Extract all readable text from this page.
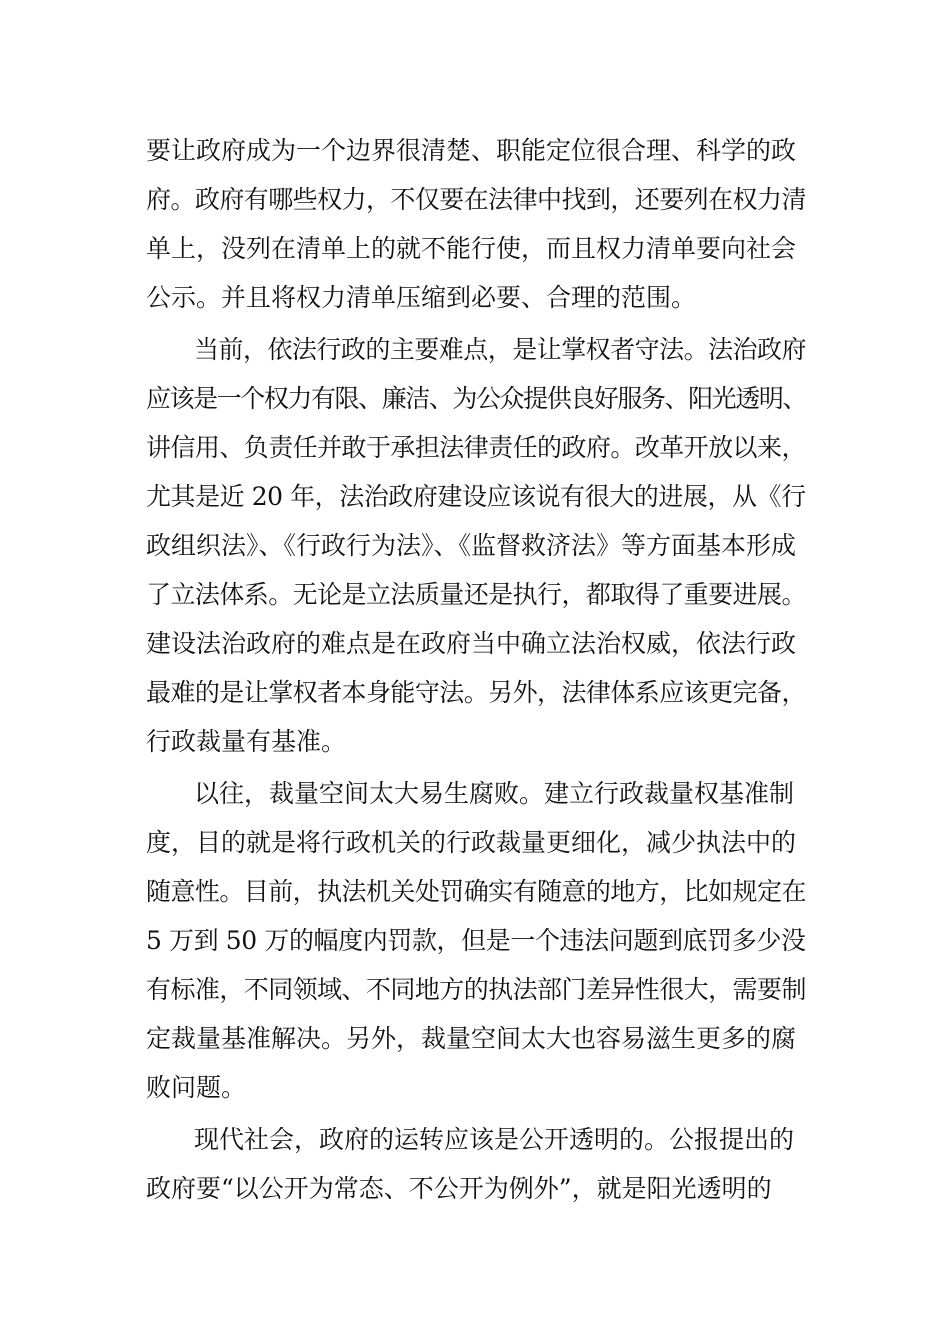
要让政府成为一个边界很清楚、职能定位很合理、科学的政
府。政府有哪些权力，不仅要在法律中找到，还要列在权力清
单上，没列在清单上的就不能行使，而且权力清单要向社会
公示。并且将权力清单压缩到必要、合理的范围。
当前，依法行政的主要难点，是让掌权者守法。法治政府
应该是一个权力有限、廉洁、为公众提供良好服务、阳光透明、
讲信用、负责任并敢于承担法律责任的政府。改革开放以来，
尤其是近 20 年，法治政府建设应该说有很大的进展，从《行
政组织法》、《行政行为法》、《监督救济法》等方面基本形成
了立法体系。无论是立法质量还是执行，都取得了重要进展。
建设法治政府的难点是在政府当中确立法治权威，依法行政
最难的是让掌权者本身能守法。另外，法律体系应该更完备，
行政裁量有基准。
以往，裁量空间太大易生腐败。建立行政裁量权基准制
度，目的就是将行政机关的行政裁量更细化，减少执法中的
随意性。目前，执法机关处罚确实有随意的地方，比如规定在
5 万到 50 万的幅度内罚款，但是一个违法问题到底罚多少没
有标准，不同领域、不同地方的执法部门差异性很大，需要制
定裁量基准解决。另外，裁量空间太大也容易滋生更多的腐
败问题。
现代社会，政府的运转应该是公开透明的。公报提出的
政府要“以公开为常态、不公开为例外”，就是阳光透明的
